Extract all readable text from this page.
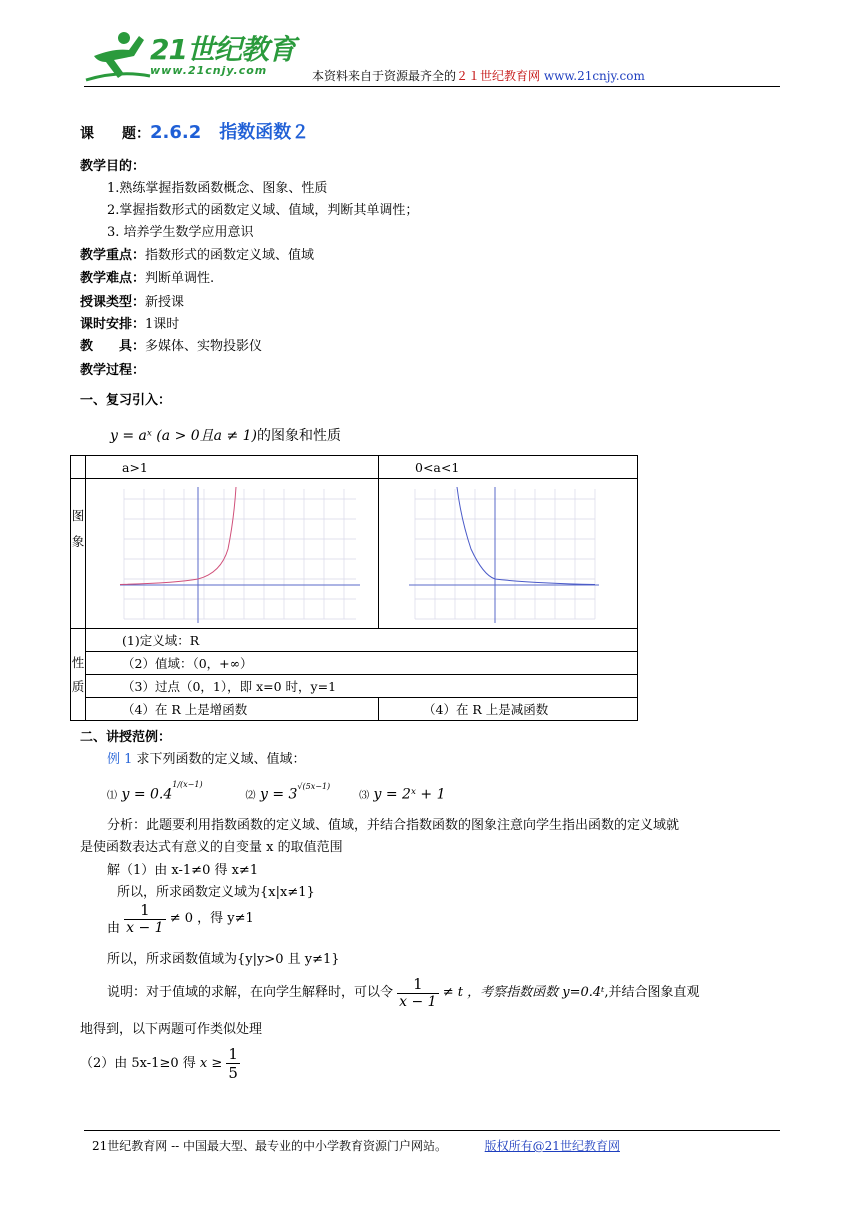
21世纪教育
www.21cnjy.com	本资料来自于资源最齐全的２１世纪教育网 www.21cnjy.com
课　　题：2.6.2　指数函数２
教学目的：
1.熟练掌握指数函数概念、图象、性质
2.掌握指数形式的函数定义域、值域，判断其单调性；
3. 培养学生数学应用意识
教学重点：指数形式的函数定义域、值域
教学难点：判断单调性.
授课类型：新授课
课时安排：1课时
教　　具：多媒体、实物投影仪
教学过程：
一、复习引入：
y = aˣ (a > 0且a ≠ 1)的图象和性质
	a>1	0<a<1

图象

性质	(1)定义域：R	
	（2）值域：（0，+∞）	
	（3）过点（0，1），即 x=0 时，y=1	
	（4）在 R 上是增函数	（4）在 R 上是减函数
二、讲授范例：
例 1 求下列函数的定义域、值域：
⑴ $y = 0.4^{1/(x-1)}$  ⑵ $y = 3^{√(5x-1)}$  ⑶ y = 2ˣ + 1
分析：此题要利用指数函数的定义域、值域，并结合指数函数的图象注意向学生指出函数的定义域就
是使函数表达式有意义的自变量 x 的取值范围
解（1）由 x-1≠0 得 x≠1
所以，所求函数定义域为{x|x≠1}
由 $\frac{1}{x - 1} \ne 0$ ，得 y≠1
所以，所求函数值域为{y|y>0 且 y≠1}
说明：对于值域的求解，在向学生解释时，可以令 $\frac{1}{x - 1} \ne t$ ，考察指数函数 y=0.4ᵗ,并结合图象直观
地得到，以下两题可作类似处理
（2）由 5x-1≥0 得 $x \ge \frac{1}{5}$
21世纪教育网 -- 中国最大型、最专业的中小学教育资源门户网站。	版权所有@21世纪教育网
